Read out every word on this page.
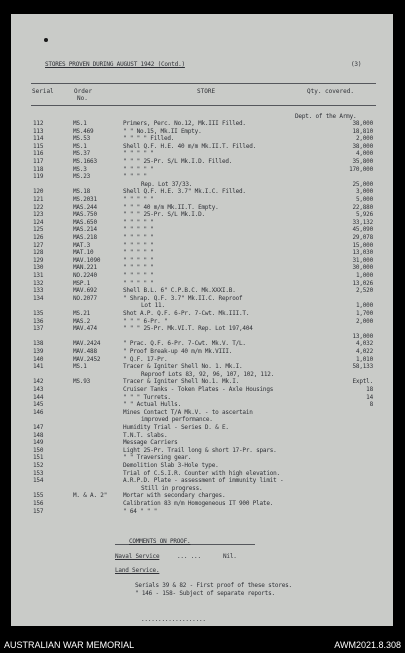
STORES PROVEN DURING AUGUST 1942 (Contd.)	(3)
Serial	Order
No.
STORE	Qty. covered.
Dept. of the Army.
112	MS.1	Primers, Perc. No.12, Mk.III Filled.	38,000
113	MS.469	" " No.15, Mk.II Empty.	18,810
114	MS.53	" " " " Filled.	2,000
115	MS.1	Shell Q.F. H.E. 40 m/m Mk.II.T. Filled.	38,000
116	MS.37	" " " " "	4,000
117	MS.1663	" " " 25-Pr. S/L Mk.I.D. Filled.	35,800
118	MS.3	" " " " "	170,000
119	MS.23	" " " "
Rep. Lot 37/33.	25,000
120	MS.18	Shell Q.F. H.E. 3.7" Mk.I.C. Filled.	3,000
121	MS.2031	" " " " "	5,000
122	MAS.244	" " " 40 m/m Mk.II.T. Empty.	22,880
123	MAS.750	" " " 25-Pr. S/L Mk.I.D.	5,926
124	MAS.650	" " " " "	33,132
125	MAS.214	" " " " "	45,090
126	MAS.218	" " " " "	29,078
127	MAT.3	" " " " "	15,000
128	MAT.10	" " " " "	13,030
129	MAV.1090	" " " " "	31,000
130	MAN.221	" " " " "	30,000
131	NO.2240	" " " " "	1,000
132	MSP.1	" " " " "	13,026
133	MAV.692	Shell B.L. 6" C.P.B.C. Mk.XXXI.B.	2,520
134	NO.2077	" Shrap. Q.F. 3.7" Mk.II.C. Reproof
Lot 11.	1,000
135	MS.21	Shot A.P. Q.F. 6-Pr. 7-Cwt. Mk.III.T.	1,700
136	MAS.2	" " " 6-Pr. "	2,000
137	MAV.474	" " " 25-Pr. Mk.VI.T. Rep. Lot 197,404
13,000
138	MAV.2424	" Prac. Q.F. 6-Pr. 7-Cwt. Mk.V. T/L.	4,032
139	MAV.488	" Proof Break-up 40 m/m Mk.VIII.	4,022
140	MAV.2452	" Q.F. 17-Pr.	1,010
141	MS.1	Tracer & Igniter Shell No. 1. Mk.I.	58,133
Reproof Lots 83, 92, 96, 107, 102, 112.
142	MS.93	Tracer & Igniter Shell No.1. Mk.I.	Exptl.
143	Cruiser Tanks - Token Plates - Axle Housings	18
144	" " " Turrets.	14
145	" " Actual Hulls.	8
146	Mines Contact T/A Mk.V. - to ascertain
improved performance.
147	Humidity Trial - Series D. & E.
148	T.N.T. slabs.
149	Message Carriers
150	Light 25-Pr. Trail long & short 17-Pr. spars.
151	" " Traversing gear.
152	Demolition Slab 3-Hole type.
153	Trial of C.S.I.R. Counter with high elevation.
154	A.R.P.D. Plate - assessment of immunity limit -
Still in progress.
155	M. & A. 2"	Mortar with secondary charges.
156	Calibration 83 m/m Homogeneous IT 900 Plate.
157	" 64 " " "
COMMENTS ON PROOF.
Naval Service	... ...	Nil.
Land Service.
Serials 39 & 82 - First proof of these stores.
" 146 - 158- Subject of separate reports.
...................
AUSTRALIAN WAR MEMORIAL	AWM2021.8.308
